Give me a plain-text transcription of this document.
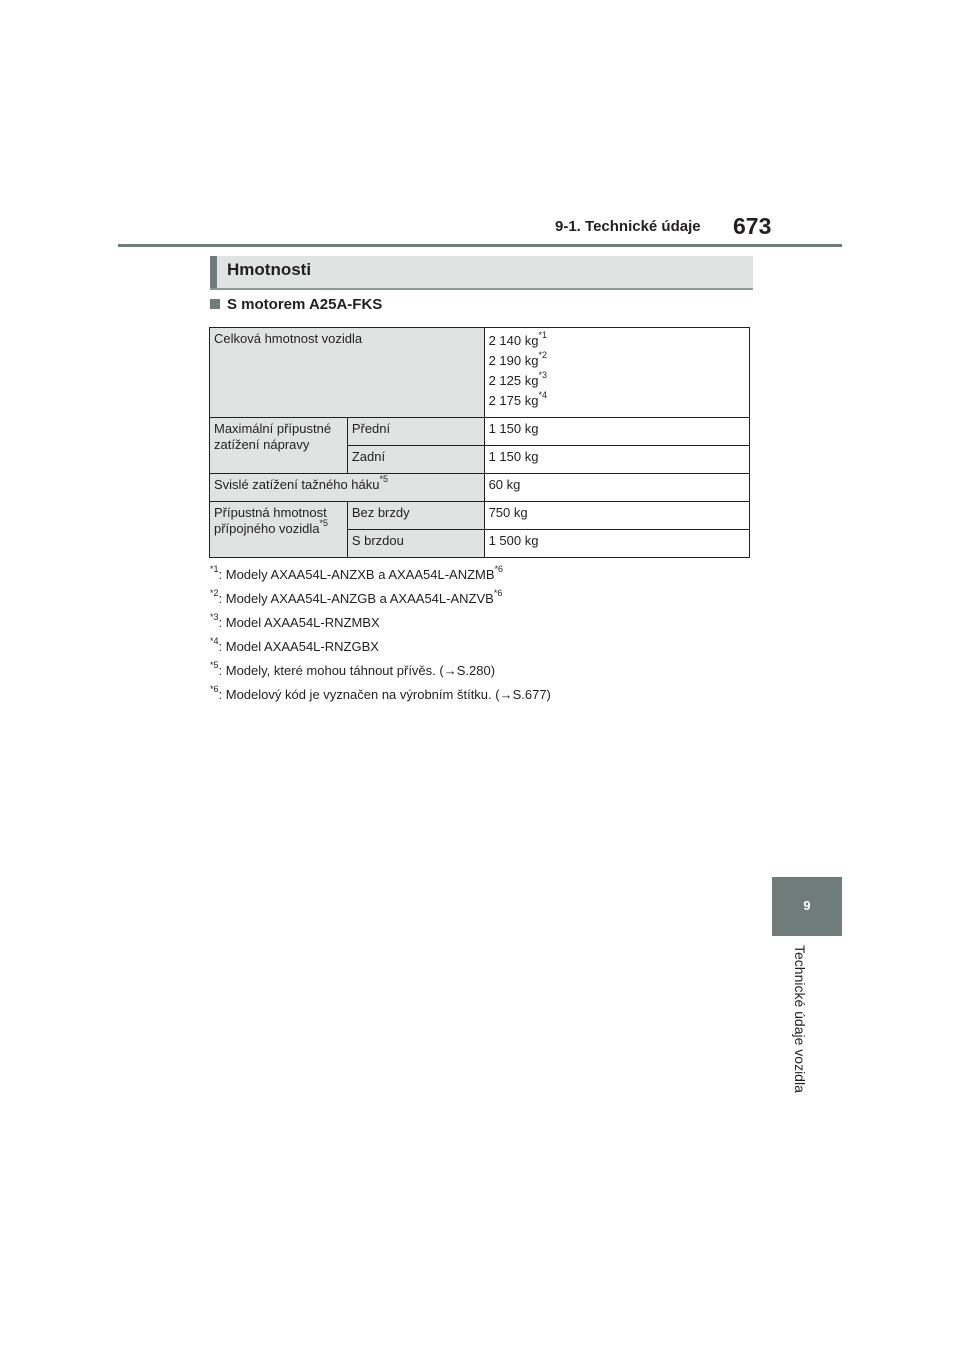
9-1. Technické údaje 673
9
Technické údaje vozidla
Hmotnosti
S motorem A25A-FKS
Celková hmotnost vozidla		2 140 $kg^{*1}$
2 190 $kg^{*2}$
2 125 $kg^{*3}$
2 175 $kg^{*4}$

Maximální přípustné zatížení nápravy	Přední	1 150 kg
	Zadní	1 150 kg
Svislé zatížení tažného háku$^{*5}$		60 kg
Přípustná hmotnost přípojného vozidla$^{*5}$	Bez brzdy	750 kg
	S brzdou	1 500 kg
$^{*1}$: Modely AXAA54L-ANZXB a AXAA54L-ANZMB$^{*6}$
$^{*2}$: Modely AXAA54L-ANZGB a AXAA54L-ANZVB$^{*6}$
$^{*3}$: Model AXAA54L-RNZMBX
$^{*4}$: Model AXAA54L-RNZGBX
$^{*5}$: Modely, které mohou táhnout přívěs. (→S.280)
$^{*6}$: Modelový kód je vyznačen na výrobním štítku. (→S.677)
